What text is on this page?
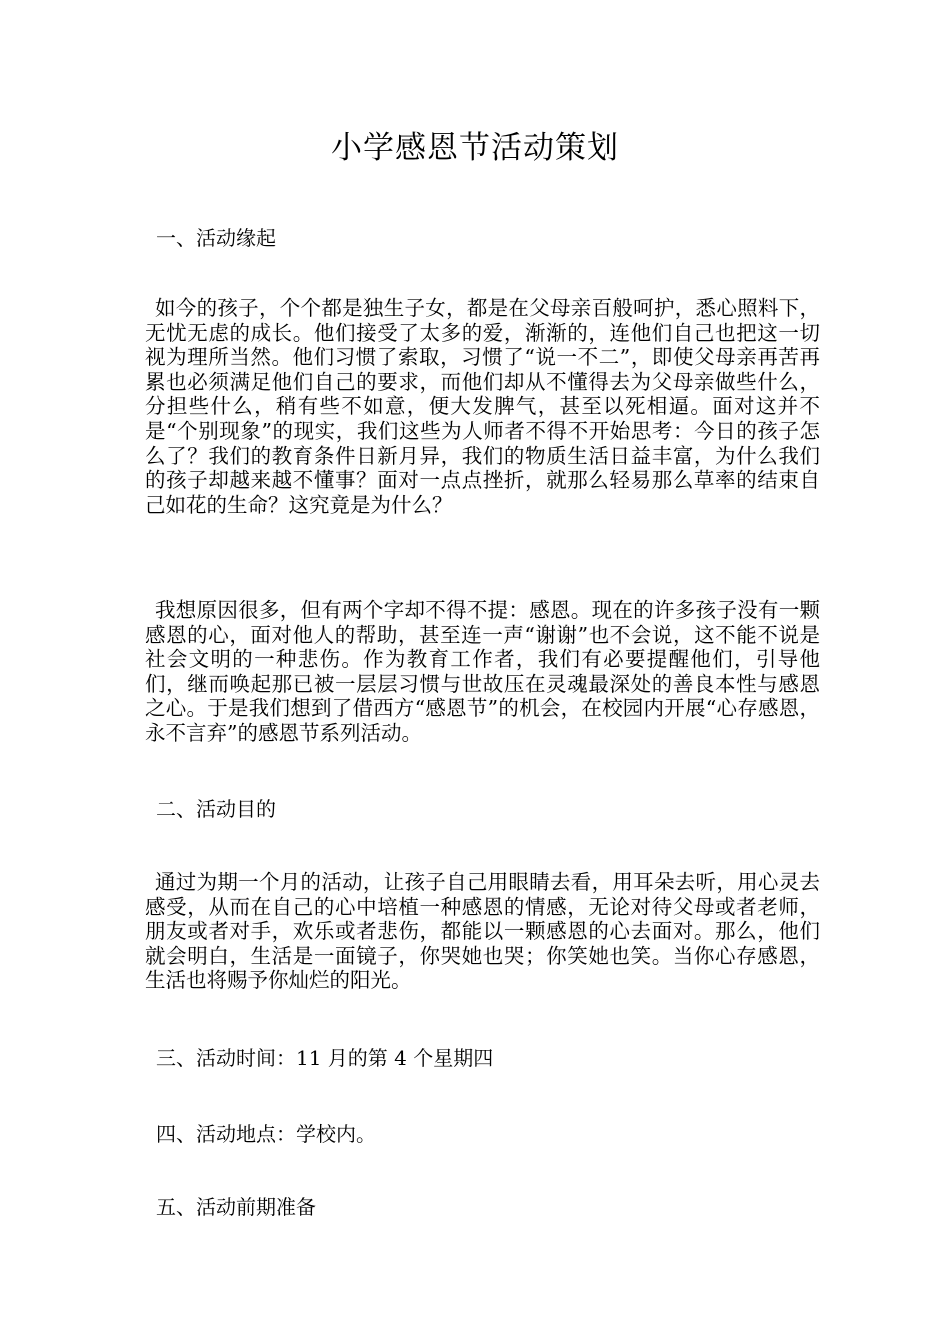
小学感恩节活动策划
一、活动缘起
如今的孩子，个个都是独生子女，都是在父母亲百般呵护，悉心照料下，无忧无虑的成长。他们接受了太多的爱，渐渐的，连他们自己也把这一切视为理所当然。他们习惯了索取，习惯了“说一不二”，即使父母亲再苦再累也必须满足他们自己的要求，而他们却从不懂得去为父母亲做些什么，分担些什么，稍有些不如意，便大发脾气，甚至以死相逼。面对这并不是“个别现象”的现实，我们这些为人师者不得不开始思考：今日的孩子怎么了？我们的教育条件日新月异，我们的物质生活日益丰富，为什么我们的孩子却越来越不懂事？面对一点点挫折，就那么轻易那么草率的结束自己如花的生命？这究竟是为什么？
我想原因很多，但有两个字却不得不提：感恩。现在的许多孩子没有一颗感恩的心，面对他人的帮助，甚至连一声“谢谢”也不会说，这不能不说是社会文明的一种悲伤。作为教育工作者，我们有必要提醒他们，引导他们，继而唤起那已被一层层习惯与世故压在灵魂最深处的善良本性与感恩之心。于是我们想到了借西方“感恩节”的机会，在校园内开展“心存感恩，永不言弃”的感恩节系列活动。
二、活动目的
通过为期一个月的活动，让孩子自己用眼睛去看，用耳朵去听，用心灵去感受，从而在自己的心中培植一种感恩的情感，无论对待父母或者老师，朋友或者对手，欢乐或者悲伤，都能以一颗感恩的心去面对。那么，他们就会明白，生活是一面镜子，你哭她也哭；你笑她也笑。当你心存感恩，生活也将赐予你灿烂的阳光。
三、活动时间：11 月的第 4 个星期四
四、活动地点：学校内。
五、活动前期准备
